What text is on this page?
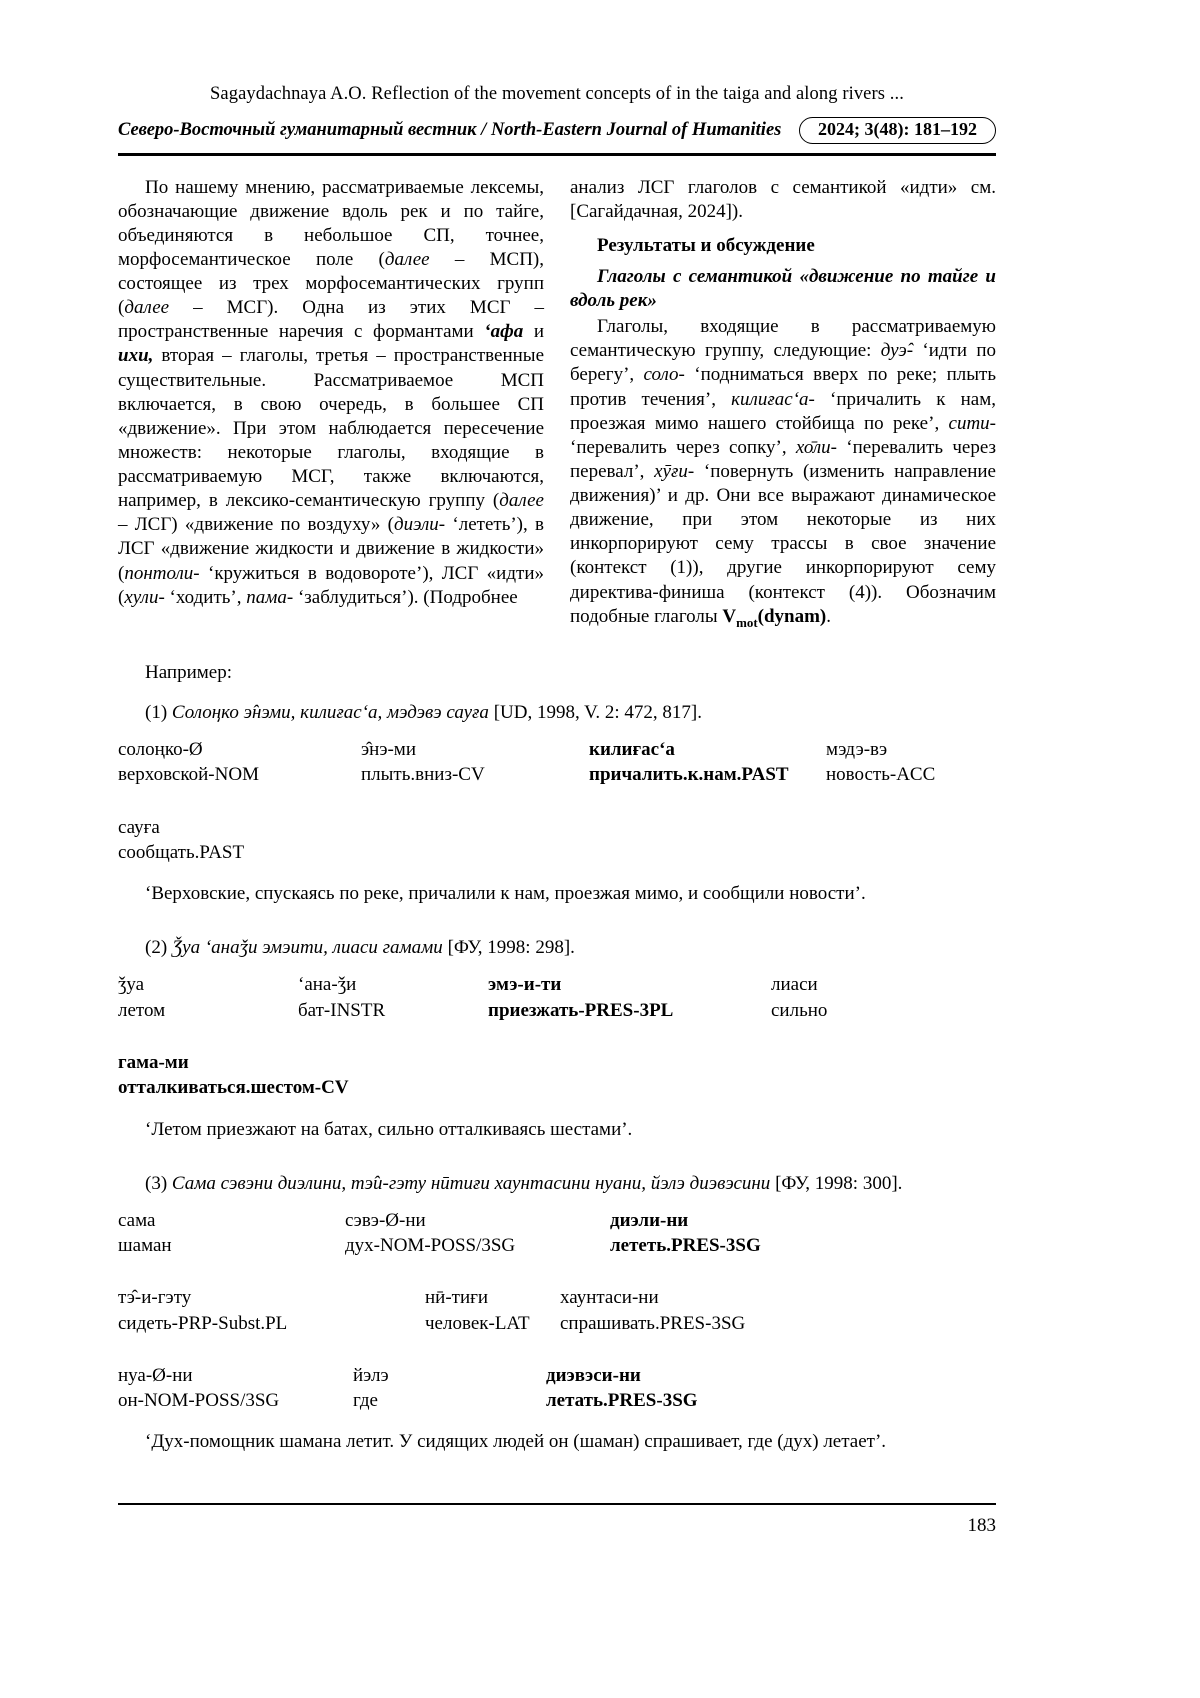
Sagaydachnaya A.O. Reflection of the movement concepts of in the taiga and along rivers ...
Северо-Восточный гуманитарный вестник / North-Eastern Journal of Humanities	2024; 3(48): 181–192

По нашему мнению, рассматриваемые лексемы, обозначающие движение вдоль рек и по тайге, объединяются в небольшое СП, точнее, морфосемантическое поле (далее – МСП), состоящее из трех морфосемантических групп (далее – МСГ). Одна из этих МСГ – пространственные наречия с формантами ‘афа и ихи, вторая – глаголы, третья – пространственные существительные. Рассматриваемое МСП включается, в свою очередь, в большее СП «движение». При этом наблюдается пересечение множеств: некоторые глаголы, входящие в рассматриваемую МСГ, также включаются, например, в лексико-семантическую группу (далее – ЛСГ) «движение по воздуху» (диэли- ‘лететь’), в ЛСГ «движение жидкости и движение в жидкости» (понтоли- ‘кружиться в водовороте’), ЛСГ «идти» (хули- ‘ходить’, пама- ‘заблудиться’). (Подробнее

анализ ЛСГ глаголов с семантикой «идти» см. [Сагайдачная, 2024]).

Результаты и обсуждение

Глаголы с семантикой «движение по тайге и вдоль рек»

Глаголы, входящие в рассматриваемую семантическую группу, следующие: дуэ̂- ‘идти по берегу’, соло- ‘подниматься вверх по реке; плыть против течения’, килиғас‘а- ‘причалить к нам, проезжая мимо нашего стойбища по реке’, сити- ‘перевалить через сопку’, хо̄ли- ‘перевалить через перевал’, хӯғи- ‘повернуть (изменить направление движения)’ и др. Они все выражают динамическое движение, при этом некоторые из них инкорпорируют сему трассы в свое значение (контекст (1)), другие инкорпорируют сему директива-финиша (контекст (4)). Обозначим подобные глаголы $V_{mot}(dynam)$.

Например:

(1) Солоңко э̂нэми, килиғас‘а, мэдэвэ сауға [UD, 1998, V. 2: 472, 817].

солоңко-Ø	э̂нэ-ми	килиғас‘а	мэдэ-вэ
верховской-NOM	плыть.вниз-CV	причалить.к.нам.PAST	новость-ACC
сауға
сообщать.PAST

‘Верховские, спускаясь по реке, причалили к нам, проезжая мимо, и сообщили новости’.

(2) Ǯуа ‘анаǯи эмэити, лиаси гамами [ФУ, 1998: 298].

ǯуа	‘ана-ǯи	эмэ-и-ти	лиаси
летом	бат-INSTR	приезжать-PRES-3PL	сильно
гама-ми
отталкиваться.шестом-CV

‘Летом приезжают на батах, сильно отталкиваясь шестами’.

(3) Сама сэвэни диэлини, тэ̂и-гэту нӣтиғи хаунтасини нуани, йэлэ диэвэсини [ФУ, 1998: 300].

сама	сэвэ-Ø-ни	диэли-ни
шаман	дух-NOM-POSS/3SG	лететь.PRES-3SG
тэ̂-и-гэту	нӣ-тиғи	хаунтаси-ни
сидеть-PRP-Subst.PL	человек-LAT	спрашивать.PRES-3SG
нуа-Ø-ни	йэлэ	диэвэси-ни
он-NOM-POSS/3SG	где	летать.PRES-3SG

‘Дух-помощник шамана летит. У сидящих людей он (шаман) спрашивает, где (дух) летает’.

183
